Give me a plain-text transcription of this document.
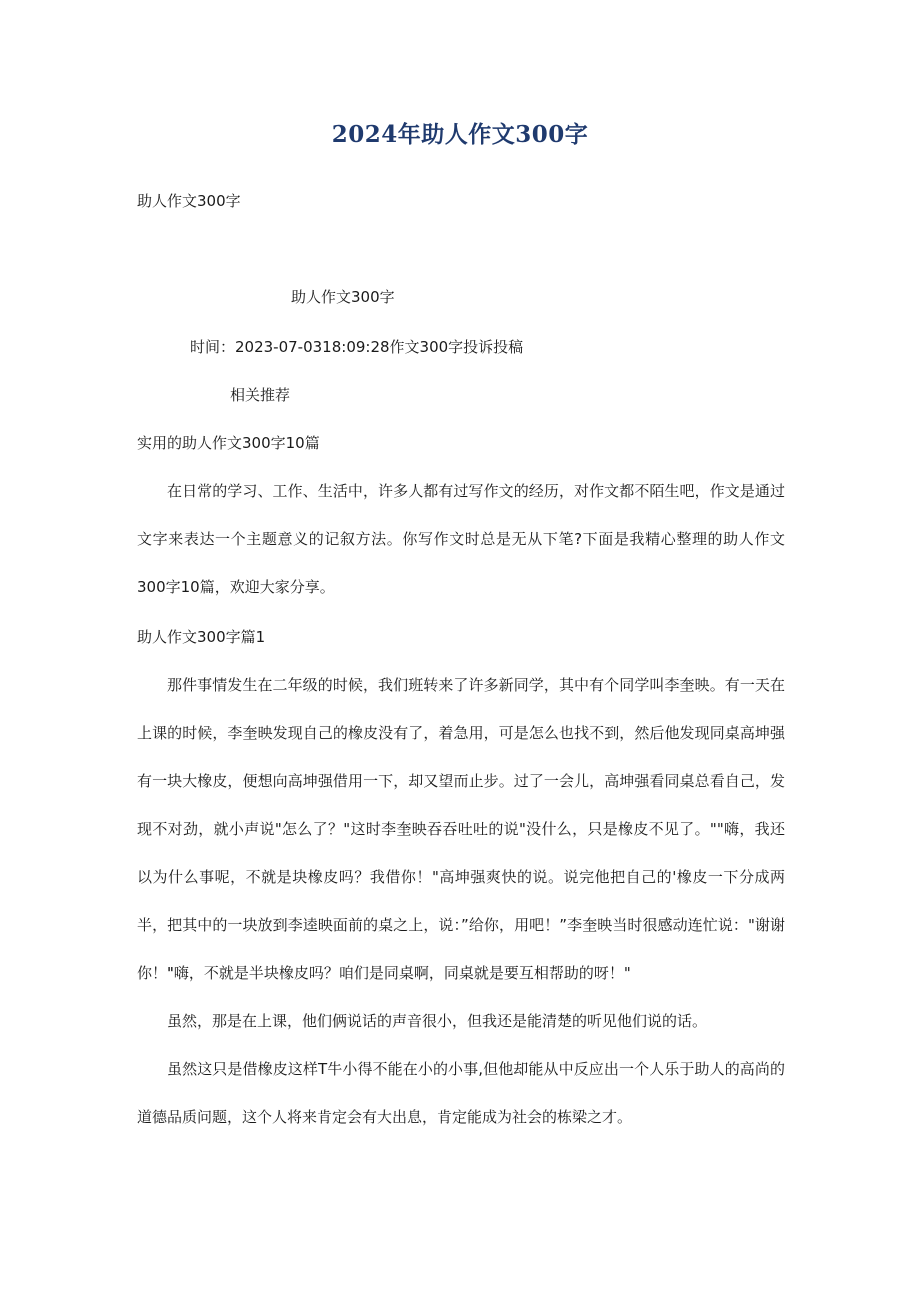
2024年助人作文300字
助人作文300字
助人作文300字
时间：2023-07-0318:09:28作文300字投诉投稿
相关推荐
实用的助人作文300字10篇
在日常的学习、工作、生活中，许多人都有过写作文的经历，对作文都不陌生吧，作文是通过文字来表达一个主题意义的记叙方法。你写作文时总是无从下笔?下面是我精心整理的助人作文300字10篇，欢迎大家分享。
助人作文300字篇1
那件事情发生在二年级的时候，我们班转来了许多新同学，其中有个同学叫李奎映。有一天在上课的时候，李奎映发现自己的橡皮没有了，着急用，可是怎么也找不到，然后他发现同桌高坤强有一块大橡皮，便想向高坤强借用一下，却又望而止步。过了一会儿，高坤强看同桌总看自己，发现不对劲，就小声说"怎么了？"这时李奎映吞吞吐吐的说"没什么，只是橡皮不见了。""嗨，我还以为什么事呢，不就是块橡皮吗？我借你！"高坤强爽快的说。说完他把自己的'橡皮一下分成两半，把其中的一块放到李逵映面前的桌之上，说：”给你，用吧！”李奎映当时很感动连忙说："谢谢你！"
"嗨，不就是半块橡皮吗？咱们是同桌啊，同桌就是要互相帮助的呀！"
虽然，那是在上课，他们俩说话的声音很小，但我还是能清楚的听见他们说的话。
虽然这只是借橡皮这样T牛小得不能在小的小事,但他却能从中反应出一个人乐于助人的高尚的道德品质问题，这个人将来肯定会有大出息，肯定能成为社会的栋梁之才。
